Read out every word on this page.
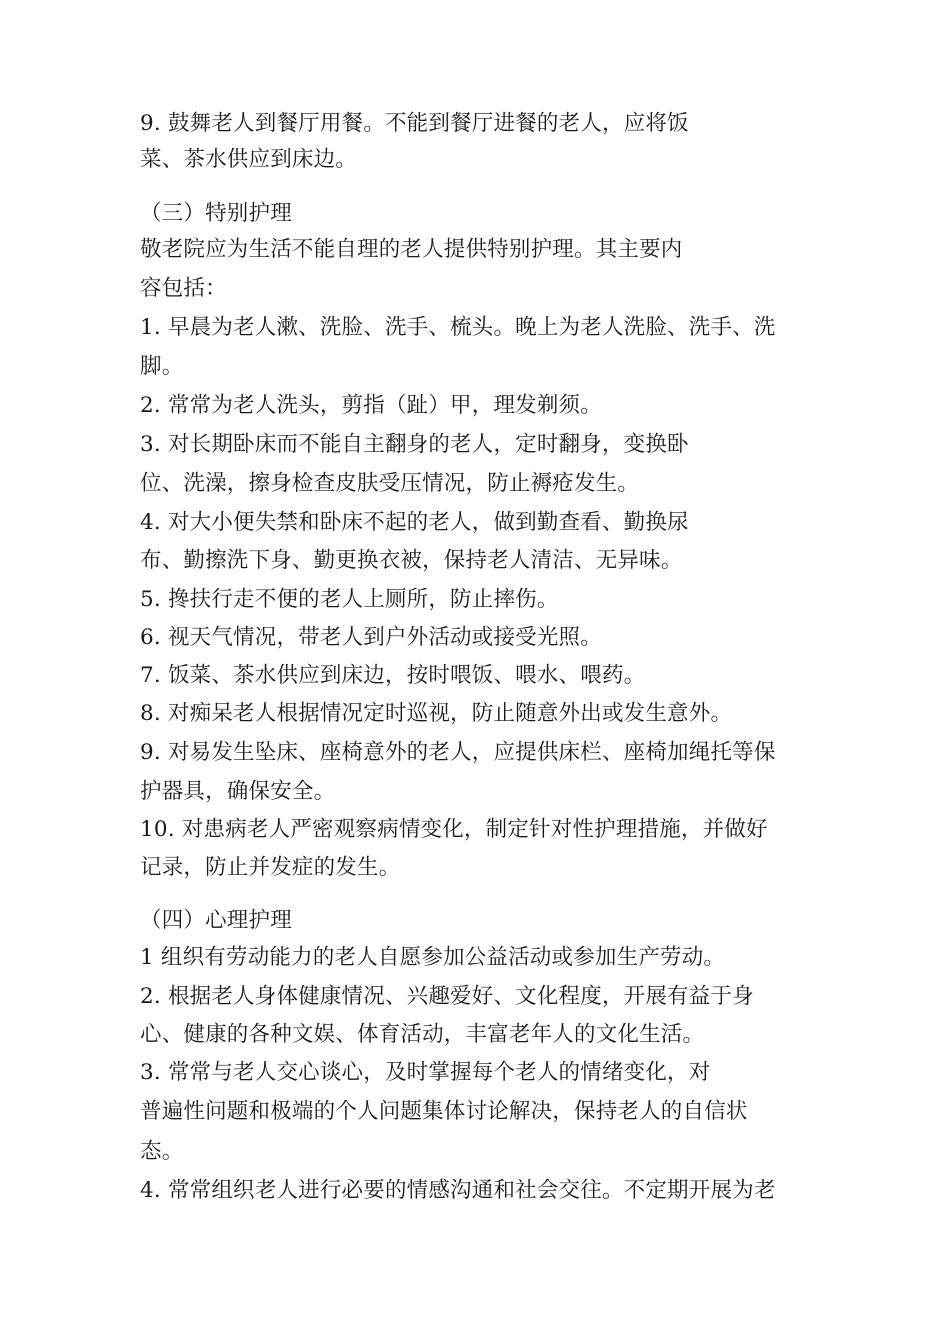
9. 鼓舞老人到餐厅用餐。不能到餐厅进餐的老人，应将饭
菜、茶水供应到床边。
（三）特别护理
敬老院应为生活不能自理的老人提供特别护理。其主要内
容包括：
1. 早晨为老人漱、洗脸、洗手、梳头。晚上为老人洗脸、洗手、洗
脚。
2. 常常为老人洗头，剪指（趾）甲，理发剃须。
3. 对长期卧床而不能自主翻身的老人，定时翻身，变换卧
位、洗澡，擦身检查皮肤受压情况，防止褥疮发生。
4. 对大小便失禁和卧床不起的老人，做到勤查看、勤换尿
布、勤擦洗下身、勤更换衣被，保持老人清洁、无异味。
5. 搀扶行走不便的老人上厕所，防止摔伤。
6. 视天气情况，带老人到户外活动或接受光照。
7. 饭菜、茶水供应到床边，按时喂饭、喂水、喂药。
8. 对痴呆老人根据情况定时巡视，防止随意外出或发生意外。
9. 对易发生坠床、座椅意外的老人，应提供床栏、座椅加绳托等保
护器具，确保安全。
10. 对患病老人严密观察病情变化，制定针对性护理措施，并做好
记录，防止并发症的发生。
（四）心理护理
1 组织有劳动能力的老人自愿参加公益活动或参加生产劳动。
2. 根据老人身体健康情况、兴趣爱好、文化程度，开展有益于身
心、健康的各种文娱、体育活动，丰富老年人的文化生活。
3. 常常与老人交心谈心，及时掌握每个老人的情绪变化，对
普遍性问题和极端的个人问题集体讨论解决，保持老人的自信状
态。
4. 常常组织老人进行必要的情感沟通和社会交往。不定期开展为老
